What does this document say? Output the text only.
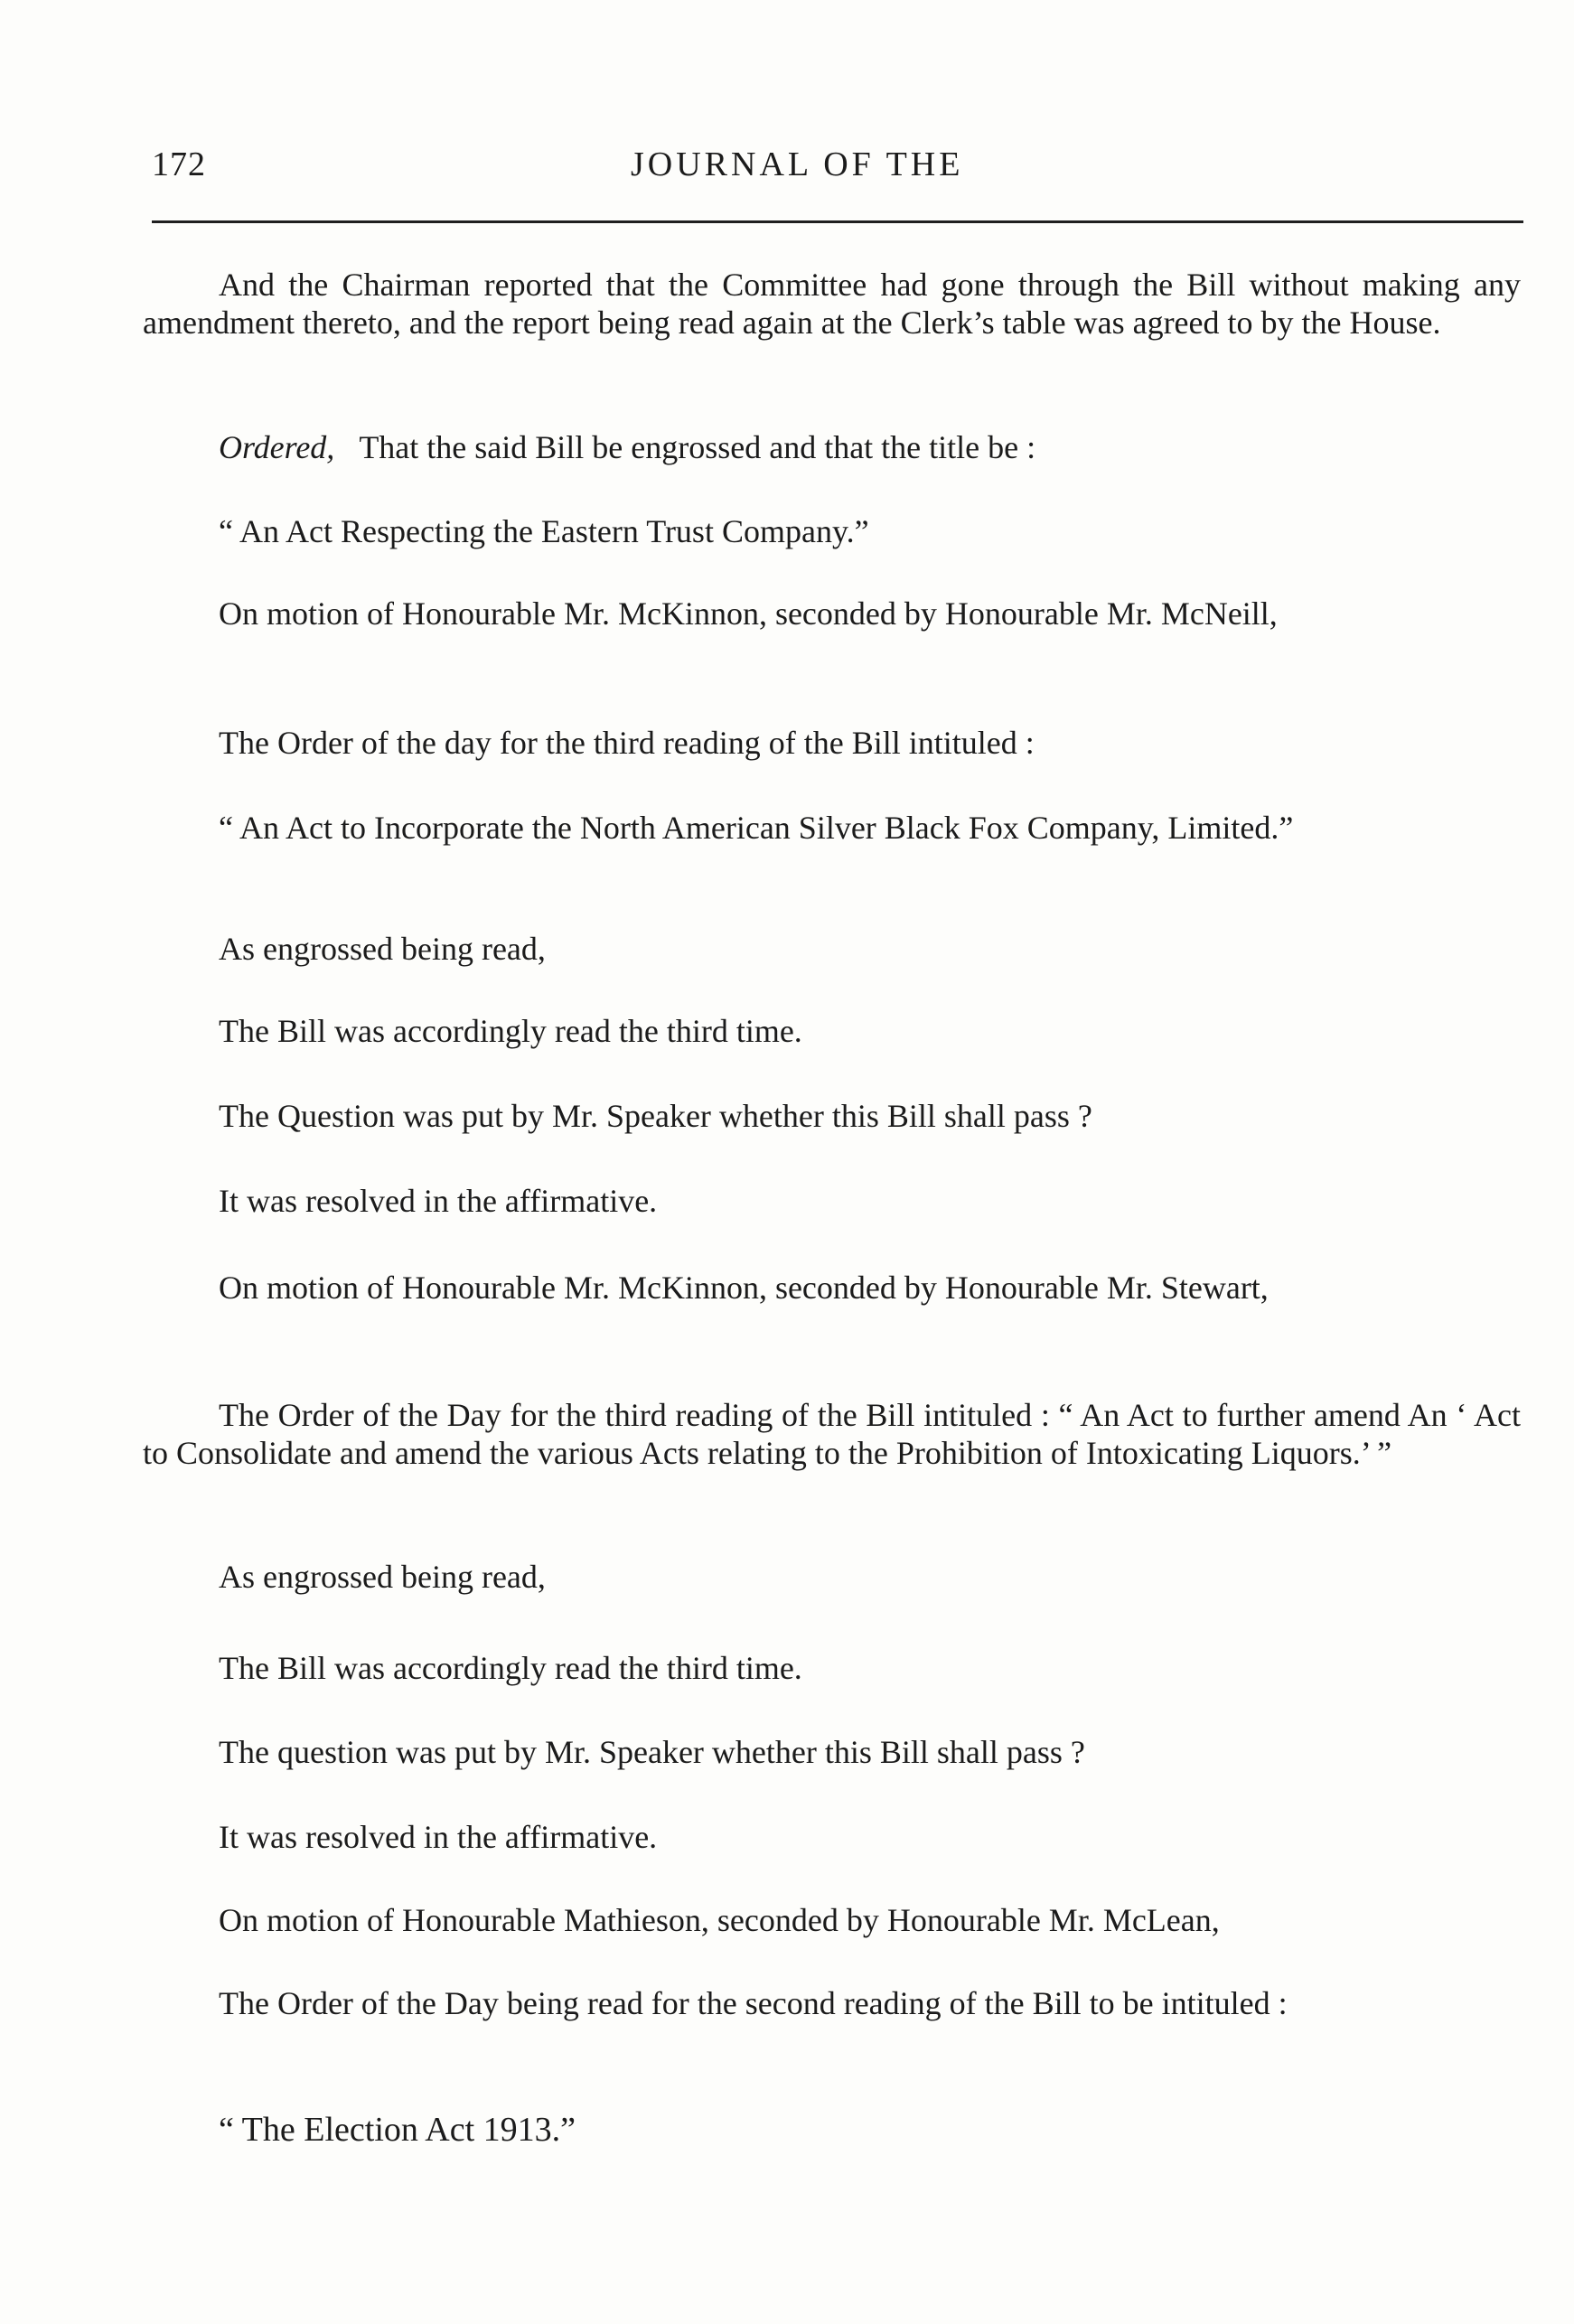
172	JOURNAL OF THE

And the Chairman reported that the Committee had gone through the Bill without making any amendment thereto, and the report being read again at the Clerk’s table was agreed to by the House.

Ordered, That the said Bill be engrossed and that the title be :

“ An Act Respecting the Eastern Trust Company.”

On motion of Honourable Mr. McKinnon, seconded by Honourable Mr. McNeill,

The Order of the day for the third reading of the Bill intituled :

“ An Act to Incorporate the North American Silver Black Fox Company, Limited.”

As engrossed being read,

The Bill was accordingly read the third time.

The Question was put by Mr. Speaker whether this Bill shall pass ?

It was resolved in the affirmative.

On motion of Honourable Mr. McKinnon, seconded by Honourable Mr. Stewart,

The Order of the Day for the third reading of the Bill intituled : “ An Act to further amend An ‘ Act to Consolidate and amend the various Acts relating to the Prohibition of Intoxicating Liquors.’ ”

As engrossed being read,

The Bill was accordingly read the third time.

The question was put by Mr. Speaker whether this Bill shall pass ?

It was resolved in the affirmative.

On motion of Honourable Mathieson, seconded by Honourable Mr. McLean,

The Order of the Day being read for the second reading of the Bill to be intituled :

“ The Election Act 1913.”
